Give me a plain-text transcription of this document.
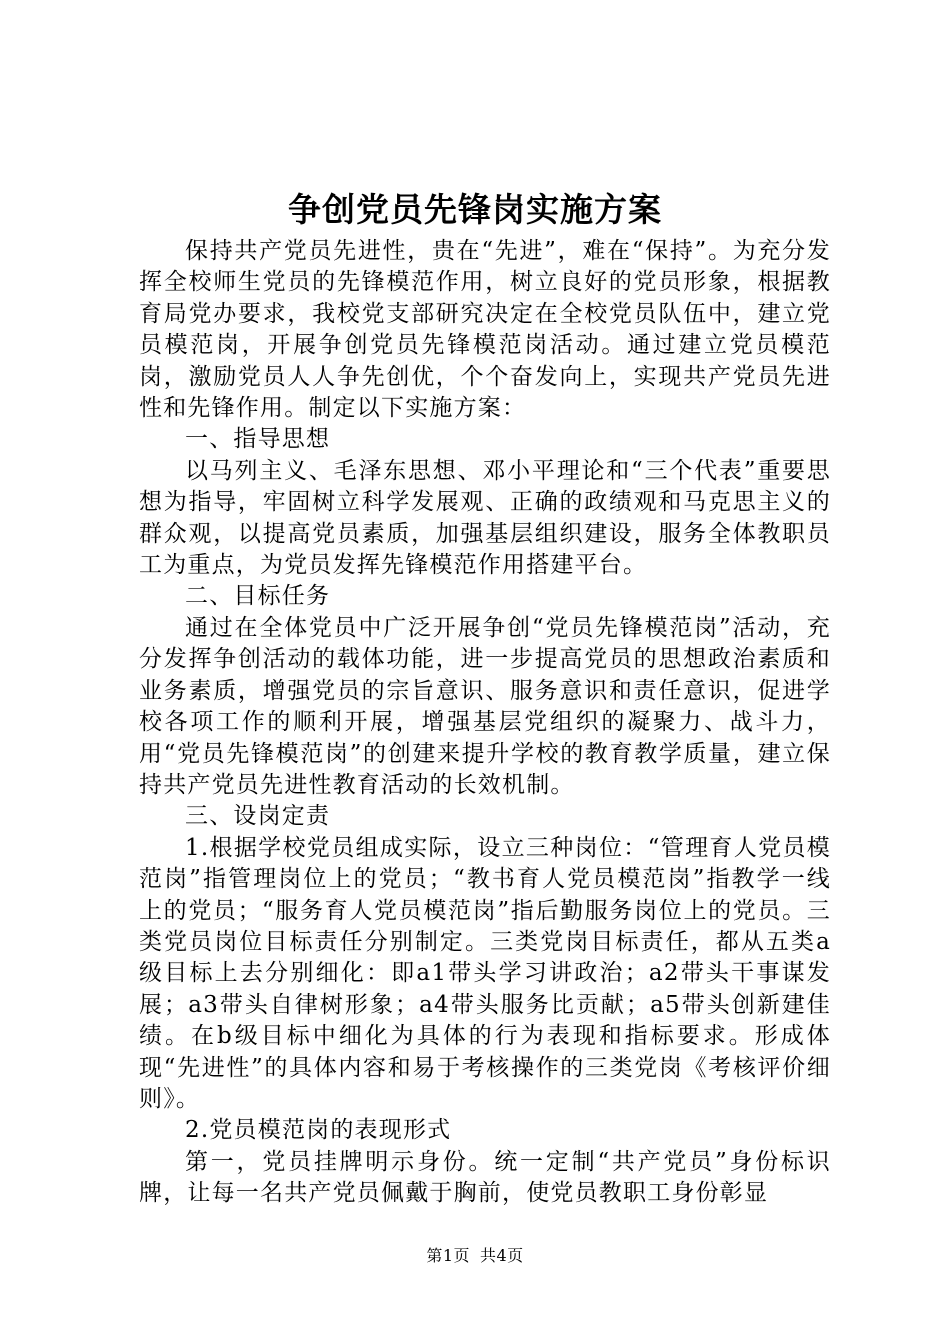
争创党员先锋岗实施方案

保持共产党员先进性，贵在“先进”，难在“保持”。为充分发挥全校师生党员的先锋模范作用，树立良好的党员形象，根据教育局党办要求，我校党支部研究决定在全校党员队伍中，建立党员模范岗，开展争创党员先锋模范岗活动。通过建立党员模范岗，激励党员人人争先创优，个个奋发向上，实现共产党员先进性和先锋作用。制定以下实施方案：

一、指导思想

以马列主义、毛泽东思想、邓小平理论和“三个代表”重要思想为指导，牢固树立科学发展观、正确的政绩观和马克思主义的群众观，以提高党员素质，加强基层组织建设，服务全体教职员工为重点，为党员发挥先锋模范作用搭建平台。

二、目标任务

通过在全体党员中广泛开展争创“党员先锋模范岗”活动，充分发挥争创活动的载体功能，进一步提高党员的思想政治素质和业务素质，增强党员的宗旨意识、服务意识和责任意识，促进学校各项工作的顺利开展，增强基层党组织的凝聚力、战斗力，用“党员先锋模范岗”的创建来提升学校的教育教学质量，建立保持共产党员先进性教育活动的长效机制。

三、设岗定责

1.根据学校党员组成实际，设立三种岗位：“管理育人党员模范岗”指管理岗位上的党员；“教书育人党员模范岗”指教学一线上的党员；“服务育人党员模范岗”指后勤服务岗位上的党员。三类党员岗位目标责任分别制定。三类党岗目标责任，都从五类a级目标上去分别细化：即a1带头学习讲政治；a2带头干事谋发展；a3带头自律树形象；a4带头服务比贡献；a5带头创新建佳绩。在b级目标中细化为具体的行为表现和指标要求。形成体现“先进性”的具体内容和易于考核操作的三类党岗《考核评价细则》。

2.党员模范岗的表现形式

第一，党员挂牌明示身份。统一定制“共产党员”身份标识牌，让每一名共产党员佩戴于胸前，使党员教职工身份彰显

第1页 共4页
